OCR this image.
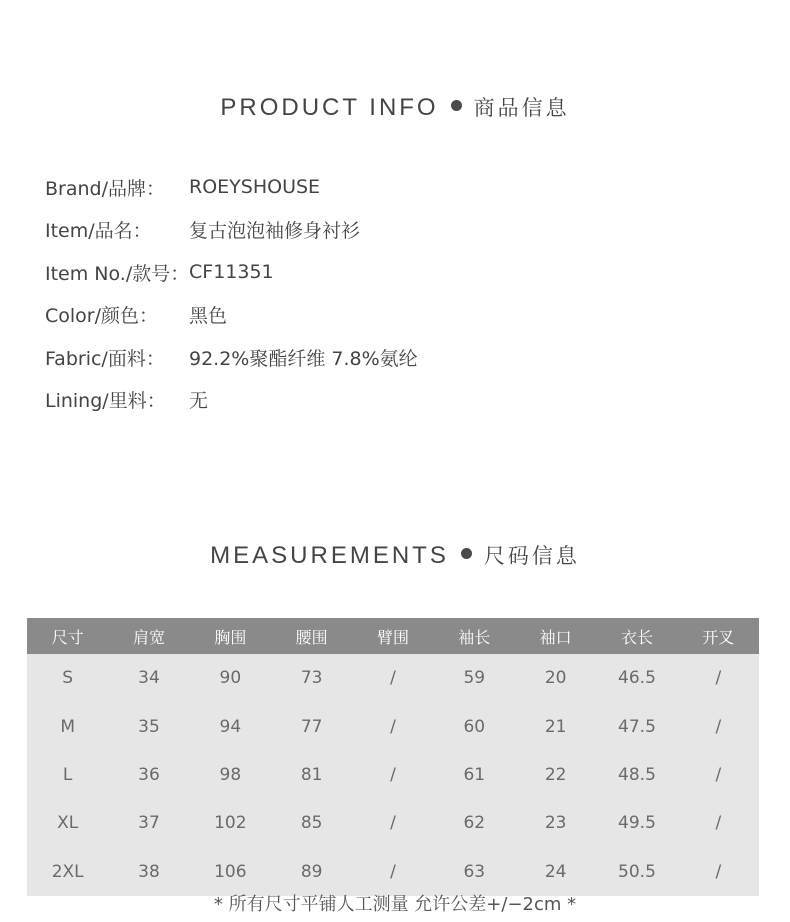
PRODUCT INFO 商品信息
Brand/品牌：	ROEYSHOUSE
Item/品名：	复古泡泡袖修身衬衫
Item No./款号： CF11351
Color/颜色：	黑色
Fabric/面料：	92.2%聚酯纤维 7.8%氨纶
Lining/里料：	无
MEASUREMENTS 尺码信息
尺寸	肩宽	胸围	腰围	臂围	袖长	袖口	衣长	开叉
S	34	90	73	/	59	20	46.5	/
M	35	94	77	/	60	21	47.5	/
L	36	98	81	/	61	22	48.5	/
XL	37	102	85	/	62	23	49.5	/
2XL	38	106	89	/	63	24	50.5	/
* 所有尺寸平铺人工测量 允许公差+/−2cm *
